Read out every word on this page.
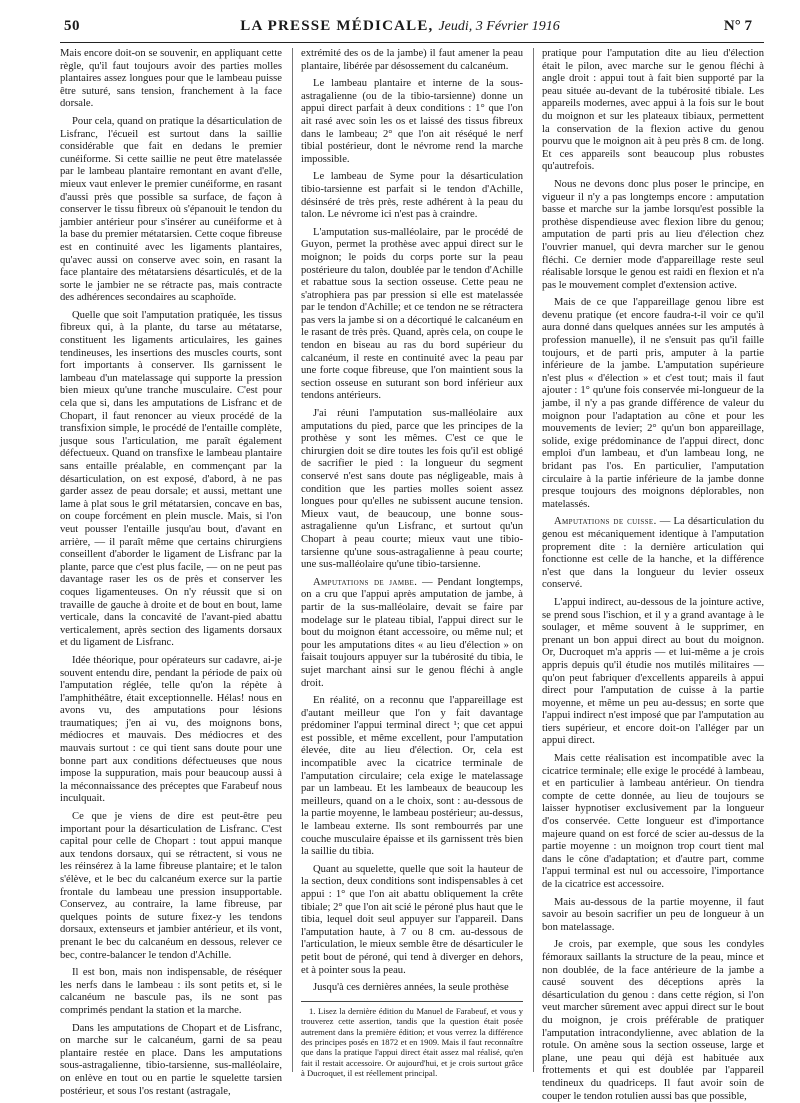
50	LA PRESSE MÉDICALE, Jeudi, 3 Février 1916	N° 7

Mais encore doit-on se souvenir, en appliquant cette règle, qu'il faut toujours avoir des parties molles plantaires assez longues pour que le lambeau puisse être suturé, sans tension, franchement à la face dorsale.

Pour cela, quand on pratique la désarticulation de Lisfranc, l'écueil est surtout dans la saillie considérable que fait en dedans le premier cunéiforme. Si cette saillie ne peut être matelassée par le lambeau plantaire remontant en avant d'elle, mieux vaut enlever le premier cunéiforme, en rasant d'aussi près que possible sa surface, de façon à conserver le tissu fibreux où s'épanouit le tendon du jambier antérieur pour s'insérer au cunéiforme et à la base du premier métatarsien. Cette coque fibreuse est en continuité avec les ligaments plantaires, qu'avec aussi on conserve avec soin, en rasant la face plantaire des métatarsiens désarticulés, et de la sorte le jambier ne se rétracte pas, mais contracte des adhérences secondaires au scaphoïde.

Quelle que soit l'amputation pratiquée, les tissus fibreux qui, à la plante, du tarse au métatarse, constituent les ligaments articulaires, les gaines tendineuses, les insertions des muscles courts, sont fort importants à conserver. Ils garnissent le lambeau d'un matelassage qui supporte la pression bien mieux qu'une tranche musculaire. C'est pour cela que si, dans les amputations de Lisfranc et de Chopart, il faut renoncer au vieux procédé de la transfixion simple, le procédé de l'entaille complète, jusque sous l'articulation, me paraît également défectueux. Quand on transfixe le lambeau plantaire sans entaille préalable, en commençant par la désarticulation, on est exposé, d'abord, à ne pas garder assez de peau dorsale; et aussi, mettant une lame à plat sous le gril métatarsien, concave en bas, on coupe forcément en plein muscle. Mais, si l'on veut pousser l'entaille jusqu'au bout, d'avant en arrière, — il paraît même que certains chirurgiens conseillent d'aborder le ligament de Lisfranc par la plante, parce que c'est plus facile, — on ne peut pas davantage raser les os de près et conserver les coques ligamenteuses. On n'y réussit que si on travaille de gauche à droite et de bout en bout, lame verticale, dans la concavité de l'avant-pied abattu verticalement, après section des ligaments dorsaux et du ligament de Lisfranc.

Idée théorique, pour opérateurs sur cadavre, ai-je souvent entendu dire, pendant la période de paix où l'amputation réglée, telle qu'on la répète à l'amphithéâtre, était exceptionnelle. Hélas! nous en avons vu, des amputations pour lésions traumatiques; j'en ai vu, des moignons bons, médiocres et mauvais. Des médiocres et des mauvais surtout : ce qui tient sans doute pour une bonne part aux conditions défectueuses que nous impose la suppuration, mais pour beaucoup aussi à la méconnaissance des préceptes que Farabeuf nous inculquait.

Ce que je viens de dire est peut-être peu important pour la désarticulation de Lisfranc. C'est capital pour celle de Chopart : tout appui manque aux tendons dorsaux, qui se rétractent, si vous ne les réinsérez à la lame fibreuse plantaire; et le talon s'élève, et le bec du calcanéum exerce sur la partie frontale du lambeau une pression insupportable. Conservez, au contraire, la lame fibreuse, par quelques points de suture fixez-y les tendons dorsaux, extenseurs et jambier antérieur, et ils vont, prenant le bec du calcanéum en dessous, relever ce bec, contre-balancer le tendon d'Achille.

Il est bon, mais non indispensable, de réséquer les nerfs dans le lambeau : ils sont petits et, si le calcanéum ne bascule pas, ils ne sont pas comprimés pendant la station et la marche.

Dans les amputations de Chopart et de Lisfranc, on marche sur le calcanéum, garni de sa peau plantaire restée en place. Dans les amputations sous-astragalienne, tibio-tarsienne, sus-malléolaire, on enlève en tout ou en partie le squelette tarsien postérieur, et sous l'os restant (astragale,

extrémité des os de la jambe) il faut amener la peau plantaire, libérée par désossement du calcanéum.

Le lambeau plantaire et interne de la sous-astragalienne (ou de la tibio-tarsienne) donne un appui direct parfait à deux conditions : 1° que l'on ait rasé avec soin les os et laissé des tissus fibreux dans le lambeau; 2° que l'on ait réséqué le nerf tibial postérieur, dont le névrome rend la marche impossible.

Le lambeau de Syme pour la désarticulation tibio-tarsienne est parfait si le tendon d'Achille, désinséré de très près, reste adhérent à la peau du talon. Le névrome ici n'est pas à craindre.

L'amputation sus-malléolaire, par le procédé de Guyon, permet la prothèse avec appui direct sur le moignon; le poids du corps porte sur la peau postérieure du talon, doublée par le tendon d'Achille et rabattue sous la section osseuse. Cette peau ne s'atrophiera pas par pression si elle est matelassée par le tendon d'Achille; et ce tendon ne se rétractera pas vers la jambe si on a décortiqué le calcanéum en le rasant de très près. Quand, après cela, on coupe le tendon en biseau au ras du bord supérieur du calcanéum, il reste en continuité avec la peau par une forte coque fibreuse, que l'on maintient sous la section osseuse en suturant son bord inférieur aux tendons antérieurs.

J'ai réuni l'amputation sus-malléolaire aux amputations du pied, parce que les principes de la prothèse y sont les mêmes. C'est ce que le chirurgien doit se dire toutes les fois qu'il est obligé de sacrifier le pied : la longueur du segment conservé n'est sans doute pas négligeable, mais à condition que les parties molles soient assez longues pour qu'elles ne subissent aucune tension. Mieux vaut, de beaucoup, une bonne sous-astragalienne qu'un Lisfranc, et surtout qu'un Chopart à peau courte; mieux vaut une tibio-tarsienne qu'une sous-astragalienne à peau courte; une sus-malléolaire qu'une tibio-tarsienne.

Amputations de jambe. — Pendant longtemps, on a cru que l'appui après amputation de jambe, à partir de la sus-malléolaire, devait se faire par modelage sur le plateau tibial, l'appui direct sur le bout du moignon étant accessoire, ou même nul; et pour les amputations dites « au lieu d'élection » on faisait toujours appuyer sur la tubérosité du tibia, le sujet marchant ainsi sur le genou fléchi à angle droit.

En réalité, on a reconnu que l'appareillage est d'autant meilleur que l'on y fait davantage prédominer l'appui terminal direct ¹; que cet appui est possible, et même excellent, pour l'amputation élevée, dite au lieu d'élection. Or, cela est incompatible avec la cicatrice terminale de l'amputation circulaire; cela exige le matelassage par un lambeau. Et les lambeaux de beaucoup les meilleurs, quand on a le choix, sont : au-dessous de la partie moyenne, le lambeau postérieur; au-dessus, le lambeau externe. Ils sont rembourrés par une couche musculaire épaisse et ils garnissent très bien la saillie du tibia.

Quant au squelette, quelle que soit la hauteur de la section, deux conditions sont indispensables à cet appui : 1° que l'on ait abattu obliquement la crête tibiale; 2° que l'on ait scié le péroné plus haut que le tibia, lequel doit seul appuyer sur l'appareil. Dans l'amputation haute, à 7 ou 8 cm. au-dessous de l'articulation, le mieux semble être de désarticuler le petit bout de péroné, qui tend à diverger en dehors, et à pointer sous la peau.

Jusqu'à ces dernières années, la seule prothèse

1. Lisez la dernière édition du Manuel de Farabeuf, et vous y trouverez cette assertion, tandis que la question était posée autrement dans la première édition; et vous verrez la différence des principes posés en 1872 et en 1909. Mais il faut reconnaître que dans la pratique l'appui direct était assez mal réalisé, qu'en fait il restait accessoire. Or aujourd'hui, et je crois surtout grâce à Ducroquet, il est réellement principal.

pratique pour l'amputation dite au lieu d'élection était le pilon, avec marche sur le genou fléchi à angle droit : appui tout à fait bien supporté par la peau située au-devant de la tubérosité tibiale. Les appareils modernes, avec appui à la fois sur le bout du moignon et sur les plateaux tibiaux, permettent la conservation de la flexion active du genou pourvu que le moignon ait à peu près 8 cm. de long. Et ces appareils sont beaucoup plus robustes qu'autrefois.

Nous ne devons donc plus poser le principe, en vigueur il n'y a pas longtemps encore : amputation basse et marche sur la jambe lorsqu'est possible la prothèse dispendieuse avec flexion libre du genou; amputation de parti pris au lieu d'élection chez l'ouvrier manuel, qui devra marcher sur le genou fléchi. Ce dernier mode d'appareillage reste seul réalisable lorsque le genou est raidi en flexion et n'a pas le mouvement complet d'extension active.

Mais de ce que l'appareillage genou libre est devenu pratique (et encore faudra-t-il voir ce qu'il aura donné dans quelques années sur les amputés à profession manuelle), il ne s'ensuit pas qu'il faille toujours, et de parti pris, amputer à la partie inférieure de la jambe. L'amputation supérieure n'est plus « d'élection » et c'est tout; mais il faut ajouter : 1° qu'une fois conservée mi-longueur de la jambe, il n'y a pas grande différence de valeur du moignon pour l'adaptation au cône et pour les mouvements de levier; 2° qu'un bon appareillage, solide, exige prédominance de l'appui direct, donc emploi d'un lambeau, et d'un lambeau long, ne bridant pas l'os. En particulier, l'amputation circulaire à la partie inférieure de la jambe donne presque toujours des moignons déplorables, non matelassés.

Amputations de cuisse. — La désarticulation du genou est mécaniquement identique à l'amputation proprement dite : la dernière articulation qui fonctionne est celle de la hanche, et la différence n'est que dans la longueur du levier osseux conservé.

L'appui indirect, au-dessous de la jointure active, se prend sous l'ischion, et il y a grand avantage à le soulager, et même souvent à le supprimer, en prenant un bon appui direct au bout du moignon. Or, Ducroquet m'a appris — et lui-même a je crois appris depuis qu'il étudie nos mutilés militaires — qu'on peut fabriquer d'excellents appareils à appui direct pour l'amputation de cuisse à la partie moyenne, et même un peu au-dessus; en sorte que l'appui indirect n'est imposé que par l'amputation au tiers supérieur, et encore doit-on l'alléger par un appui direct.

Mais cette réalisation est incompatible avec la cicatrice terminale; elle exige le procédé à lambeau, et en particulier à lambeau antérieur. On tiendra compte de cette donnée, au lieu de toujours se laisser hypnotiser exclusivement par la longueur d'os conservée. Cette longueur est d'importance majeure quand on est forcé de scier au-dessus de la partie moyenne : un moignon trop court tient mal dans le cône d'adaptation; et d'autre part, comme l'appui terminal est nul ou accessoire, l'importance de la cicatrice est accessoire.

Mais au-dessous de la partie moyenne, il faut savoir au besoin sacrifier un peu de longueur à un bon matelassage.

Je crois, par exemple, que sous les condyles fémoraux saillants la structure de la peau, mince et non doublée, de la face antérieure de la jambe a causé souvent des déceptions après la désarticulation du genou : dans cette région, si l'on veut marcher sûrement avec appui direct sur le bout du moignon, je crois préférable de pratiquer l'amputation intracondylienne, avec ablation de la rotule. On amène sous la section osseuse, large et plane, une peau qui déjà est habituée aux frottements et qui est doublée par l'appareil tendineux du quadriceps. Il faut avoir soin de couper le tendon rotulien aussi bas que possible,
